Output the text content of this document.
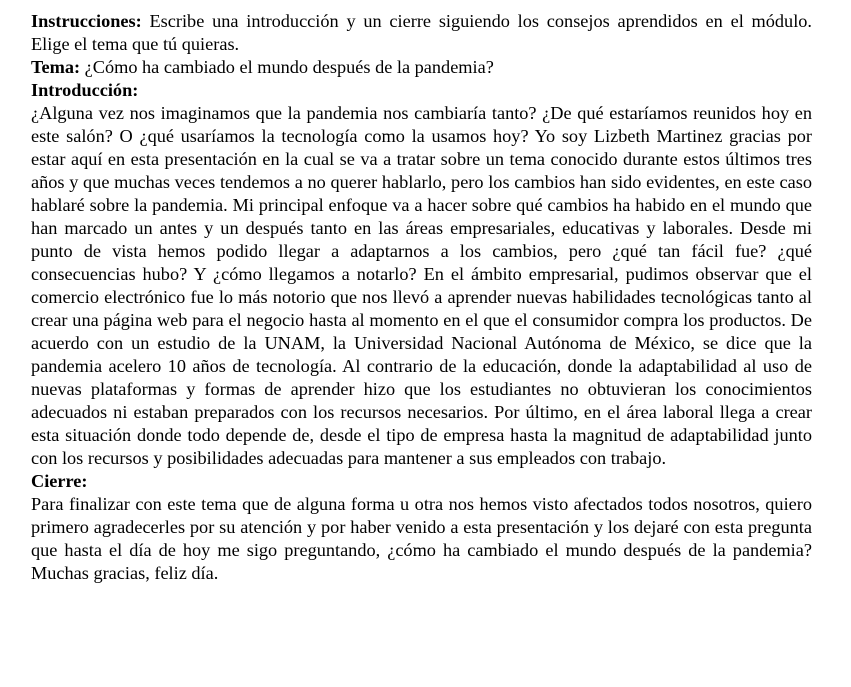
Instrucciones: Escribe una introducción y un cierre siguiendo los consejos aprendidos en el módulo. Elige el tema que tú quieras.

Tema: ¿Cómo ha cambiado el mundo después de la pandemia?

Introducción:

¿Alguna vez nos imaginamos que la pandemia nos cambiaría tanto? ¿De qué estaríamos reunidos hoy en este salón? O ¿qué usaríamos la tecnología como la usamos hoy? Yo soy Lizbeth Martinez gracias por estar aquí en esta presentación en la cual se va a tratar sobre un tema conocido durante estos últimos tres años y que muchas veces tendemos a no querer hablarlo, pero los cambios han sido evidentes, en este caso hablaré sobre la pandemia. Mi principal enfoque va a hacer sobre qué cambios ha habido en el mundo que han marcado un antes y un después tanto en las áreas empresariales, educativas y laborales. Desde mi punto de vista hemos podido llegar a adaptarnos a los cambios, pero ¿qué tan fácil fue? ¿qué consecuencias hubo? Y ¿cómo llegamos a notarlo? En el ámbito empresarial, pudimos observar que el comercio electrónico fue lo más notorio que nos llevó a aprender nuevas habilidades tecnológicas tanto al crear una página web para el negocio hasta al momento en el que el consumidor compra los productos. De acuerdo con un estudio de la UNAM, la Universidad Nacional Autónoma de México, se dice que la pandemia acelero 10 años de tecnología. Al contrario de la educación, donde la adaptabilidad al uso de nuevas plataformas y formas de aprender hizo que los estudiantes no obtuvieran los conocimientos adecuados ni estaban preparados con los recursos necesarios. Por último, en el área laboral llega a crear esta situación donde todo depende de, desde el tipo de empresa hasta la magnitud de adaptabilidad junto con los recursos y posibilidades adecuadas para mantener a sus empleados con trabajo.

Cierre:

Para finalizar con este tema que de alguna forma u otra nos hemos visto afectados todos nosotros, quiero primero agradecerles por su atención y por haber venido a esta presentación y los dejaré con esta pregunta que hasta el día de hoy me sigo preguntando, ¿cómo ha cambiado el mundo después de la pandemia? Muchas gracias, feliz día.
